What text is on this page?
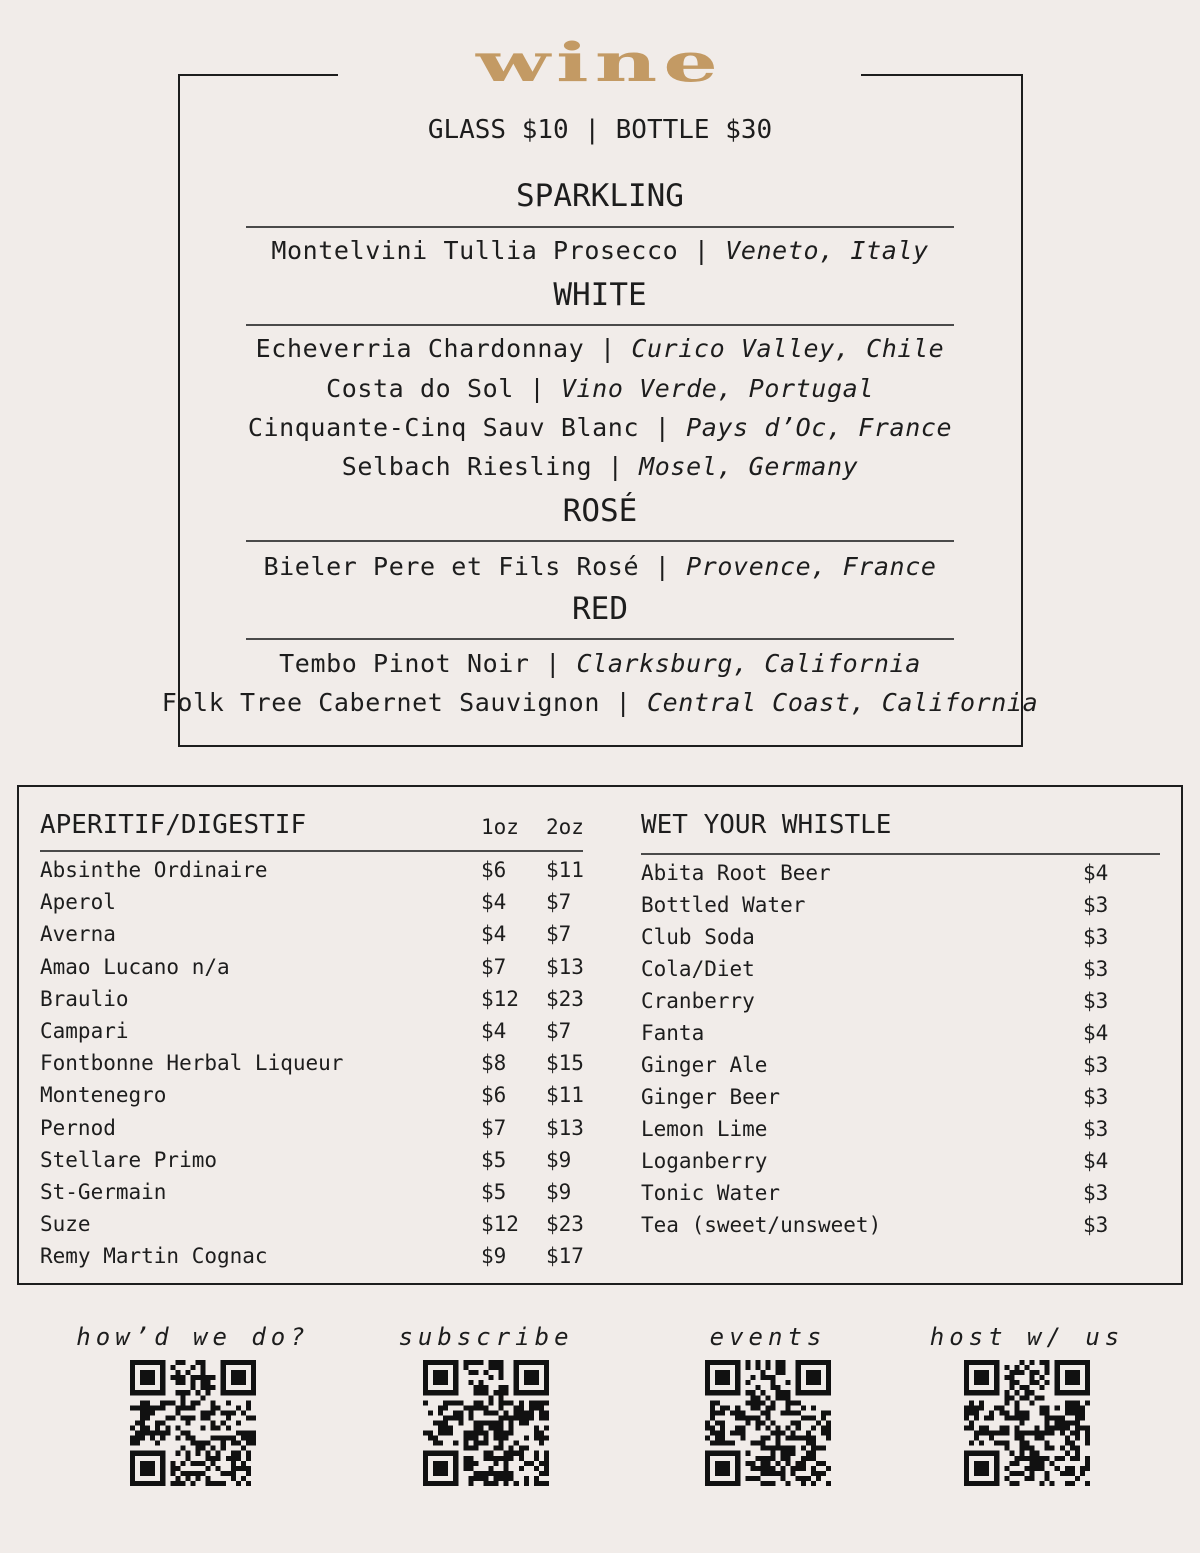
wine
GLASS $10 | BOTTLE $30
SPARKLING
Montelvini Tullia Prosecco | Veneto, Italy
WHITE
Echeverria Chardonnay | Curico Valley, Chile
Costa do Sol | Vino Verde, Portugal
Cinquante-Cinq Sauv Blanc | Pays d’Oc, France
Selbach Riesling | Mosel, Germany
ROSÉ
Bieler Pere et Fils Rosé | Provence, France
RED
Tembo Pinot Noir | Clarksburg, California
Folk Tree Cabernet Sauvignon | Central Coast, California
APERITIF/DIGESTIF	1oz 2oz
Absinthe Ordinaire	$6 $11
Aperol	$4 $7
Averna	$4 $7
Amao Lucano n/a	$7 $13
Braulio	$12 $23
Campari	$4 $7
Fontbonne Herbal Liqueur	$8 $15
Montenegro	$6 $11
Pernod	$7 $13
Stellare Primo	$5 $9
St-Germain	$5 $9
Suze	$12 $23
Remy Martin Cognac	$9 $17
WET YOUR WHISTLE
Abita Root Beer	$4
Bottled Water	$3
Club Soda	$3
Cola/Diet	$3
Cranberry	$3
Fanta	$4
Ginger Ale	$3
Ginger Beer	$3
Lemon Lime	$3
Loganberry	$4
Tonic Water	$3
Tea (sweet/unsweet)	$3
how’d we do?	subscribe	events	host w/ us
